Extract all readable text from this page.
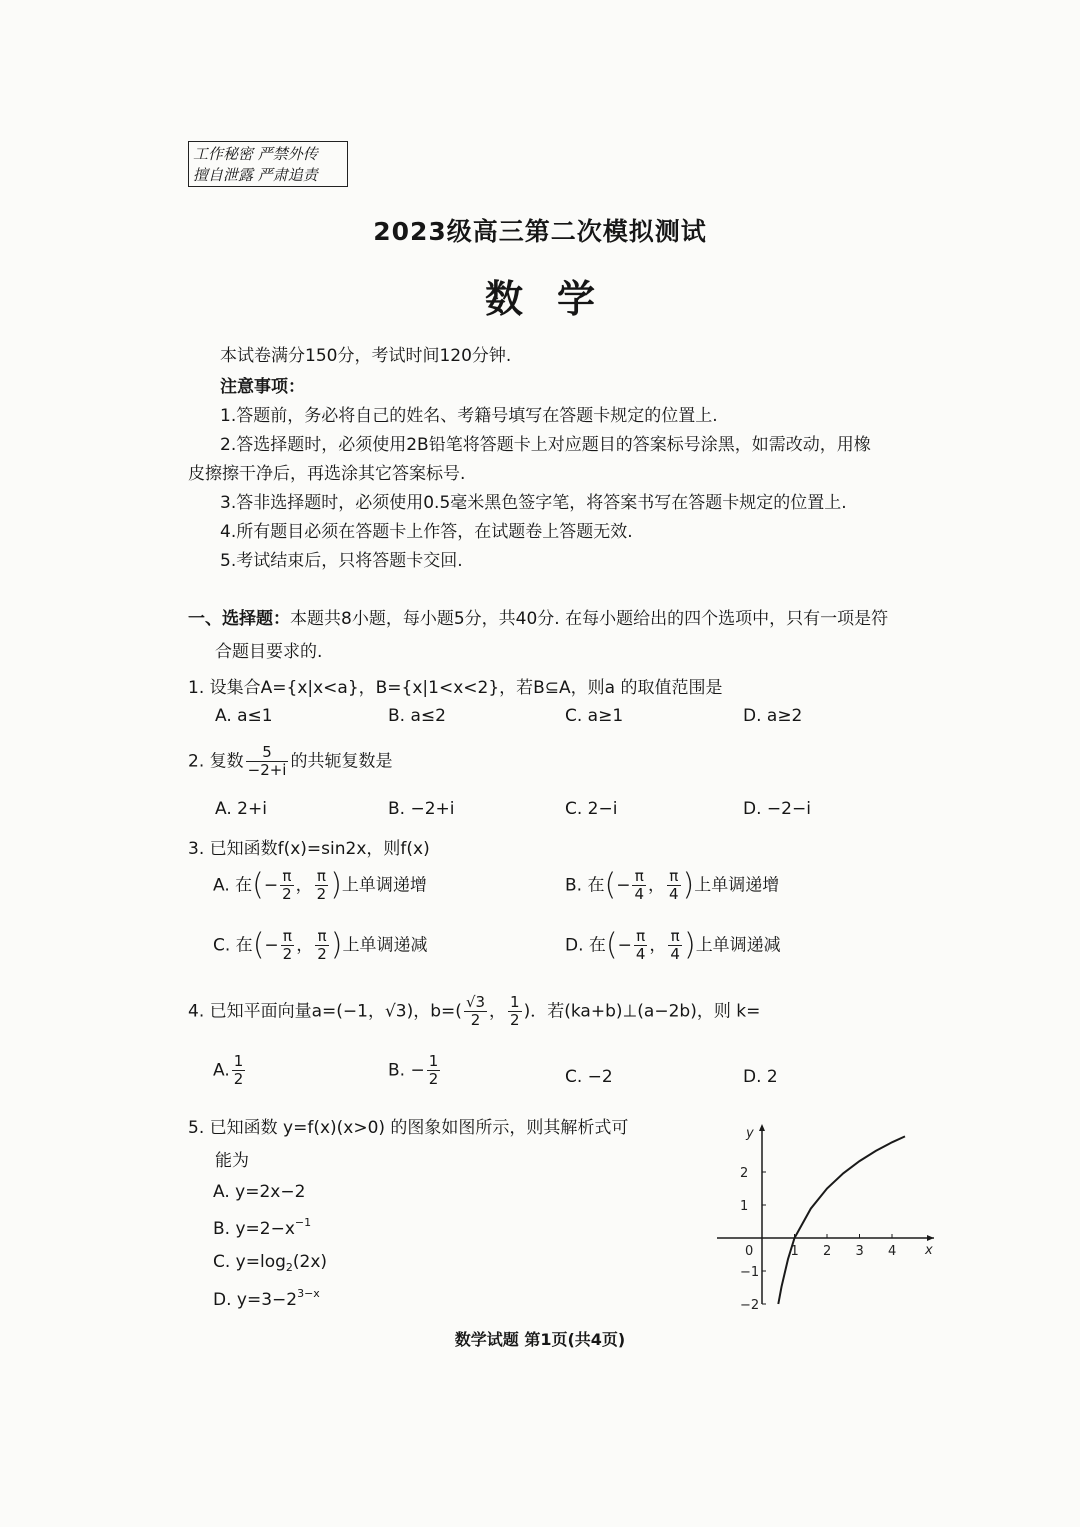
工作秘密 严禁外传
擅自泄露 严肃追责
2023级高三第二次模拟测试
数学
本试卷满分150分，考试时间120分钟.
注意事项：
1.答题前，务必将自己的姓名、考籍号填写在答题卡规定的位置上.
2.答选择题时，必须使用2B铅笔将答题卡上对应题目的答案标号涂黑，如需改动，用橡
皮擦擦干净后，再选涂其它答案标号.
3.答非选择题时，必须使用0.5毫米黑色签字笔，将答案书写在答题卡规定的位置上.
4.所有题目必须在答题卡上作答，在试题卷上答题无效.
5.考试结束后，只将答题卡交回.
一、选择题：本题共8小题，每小题5分，共40分. 在每小题给出的四个选项中，只有一项是符
合题目要求的.
1. 设集合A={x|x<a}，B={x|1<x<2}，若B⊆A，则a 的取值范围是
A. a≤1	B. a≤2	C. a≥1	D. a≥2
2. 复数 $\frac{5}{-2+i}$ 的共轭复数是
A. 2+i	B. −2+i	C. 2−i	D. −2−i
3. 已知函数f(x)=sin2x，则f(x)
A. 在(− $\frac{\pi}{2}$ ， $\frac{\pi}{2}$ )上单调递增	B. 在(− $\frac{\pi}{4}$ ， $\frac{\pi}{4}$ )上单调递增
C. 在(− $\frac{\pi}{2}$ ， $\frac{\pi}{2}$ )上单调递减	D. 在(− $\frac{\pi}{4}$ ， $\frac{\pi}{4}$ )上单调递减
4. 已知平面向量a=(−1，√3)，$b=( \frac{√3}{2}$ ， $\frac{1}{2}$ )．若(ka+b)⊥(a−2b)，则 k=
A. $\frac{1}{2}$	B. − $\frac{1}{2}$	C. −2	D. 2
5. 已知函数 y=f(x)(x>0) 的图象如图所示，则其解析式可
能为
A. y=2x−2
B. $y=2-x^{-1}$
C. $y=\log_2(2x)$
D. $y=3-2^{3-x}$
x
y
0	1 2 3 4
2
1
−1
−2
数学试题 第1页(共4页)
